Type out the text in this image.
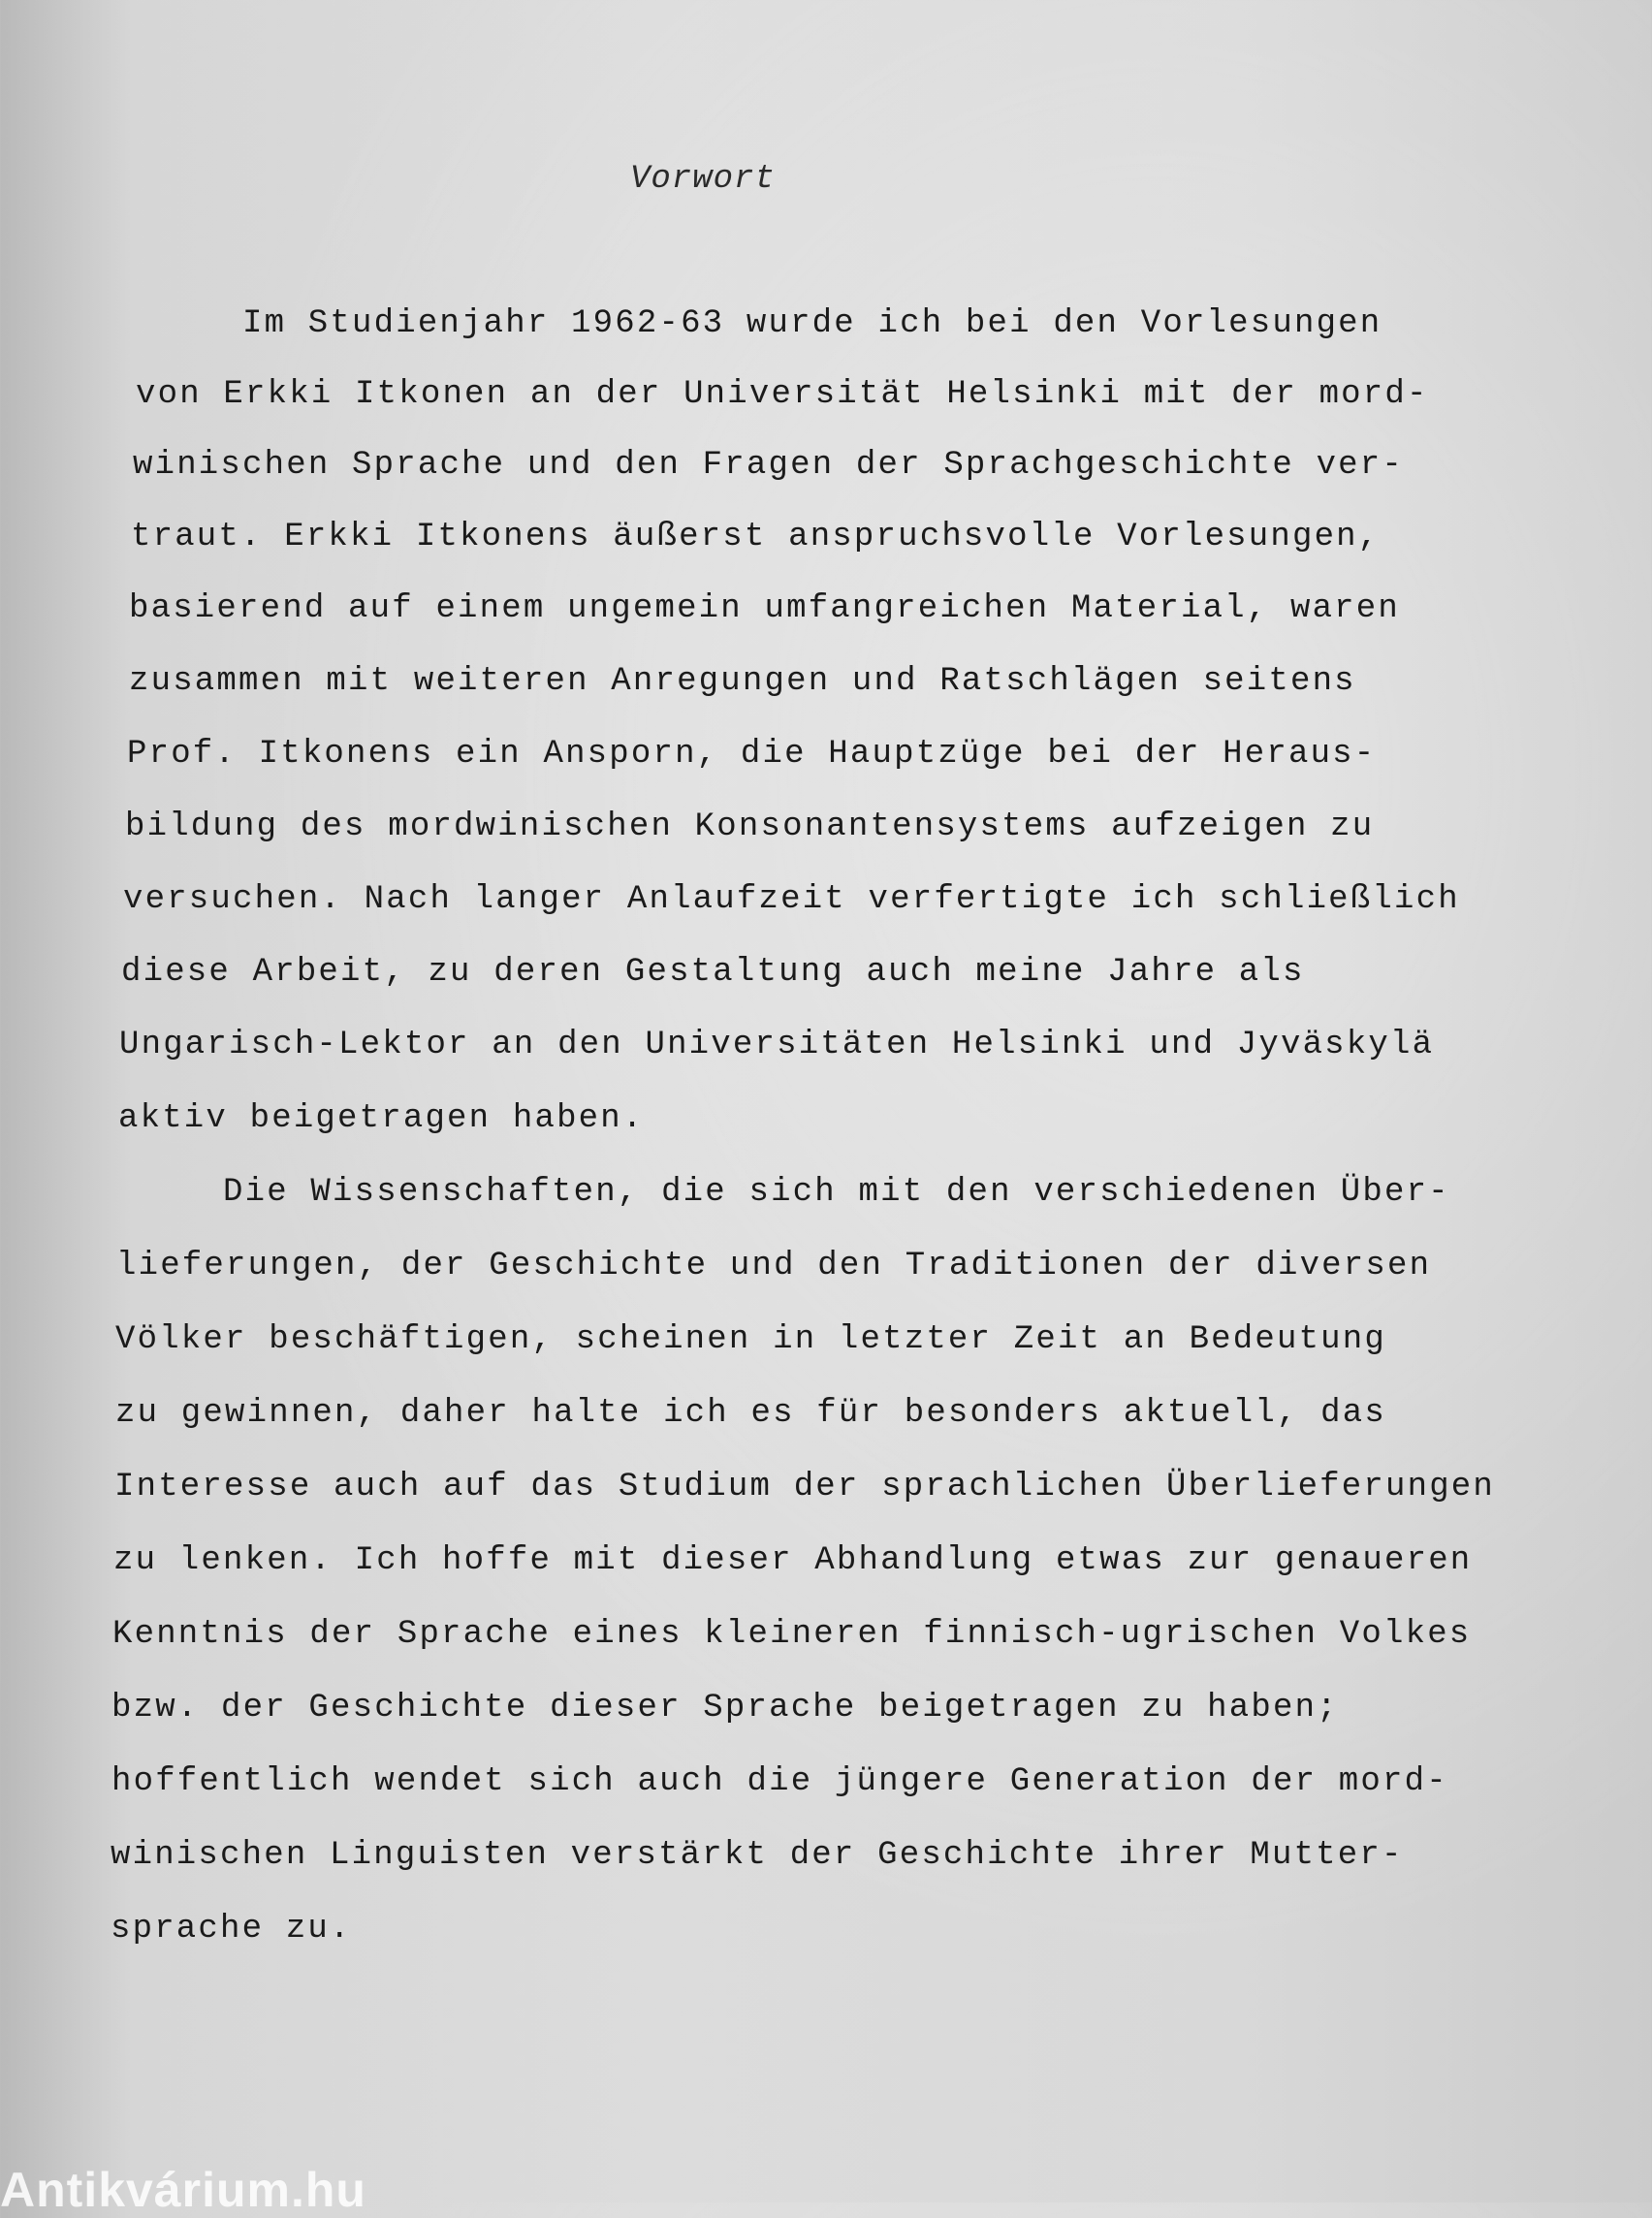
Vorwort
Im Studienjahr 1962-63 wurde ich bei den Vorlesungen
von Erkki Itkonen an der Universität Helsinki mit der mord-
winischen Sprache und den Fragen der Sprachgeschichte ver-
traut. Erkki Itkonens äußerst anspruchsvolle Vorlesungen,
basierend auf einem ungemein umfangreichen Material, waren
zusammen mit weiteren Anregungen und Ratschlägen seitens
Prof. Itkonens ein Ansporn, die Hauptzüge bei der Heraus-
bildung des mordwinischen Konsonantensystems aufzeigen zu
versuchen. Nach langer Anlaufzeit verfertigte ich schließlich
diese Arbeit, zu deren Gestaltung auch meine Jahre als
Ungarisch-Lektor an den Universitäten Helsinki und Jyväskylä
aktiv beigetragen haben.
Die Wissenschaften, die sich mit den verschiedenen Über-
lieferungen, der Geschichte und den Traditionen der diversen
Völker beschäftigen, scheinen in letzter Zeit an Bedeutung
zu gewinnen, daher halte ich es für besonders aktuell, das
Interesse auch auf das Studium der sprachlichen Überlieferungen
zu lenken. Ich hoffe mit dieser Abhandlung etwas zur genaueren
Kenntnis der Sprache eines kleineren finnisch-ugrischen Volkes
bzw. der Geschichte dieser Sprache beigetragen zu haben;
hoffentlich wendet sich auch die jüngere Generation der mord-
winischen Linguisten verstärkt der Geschichte ihrer Mutter-
sprache zu.
Antikvárium.hu
